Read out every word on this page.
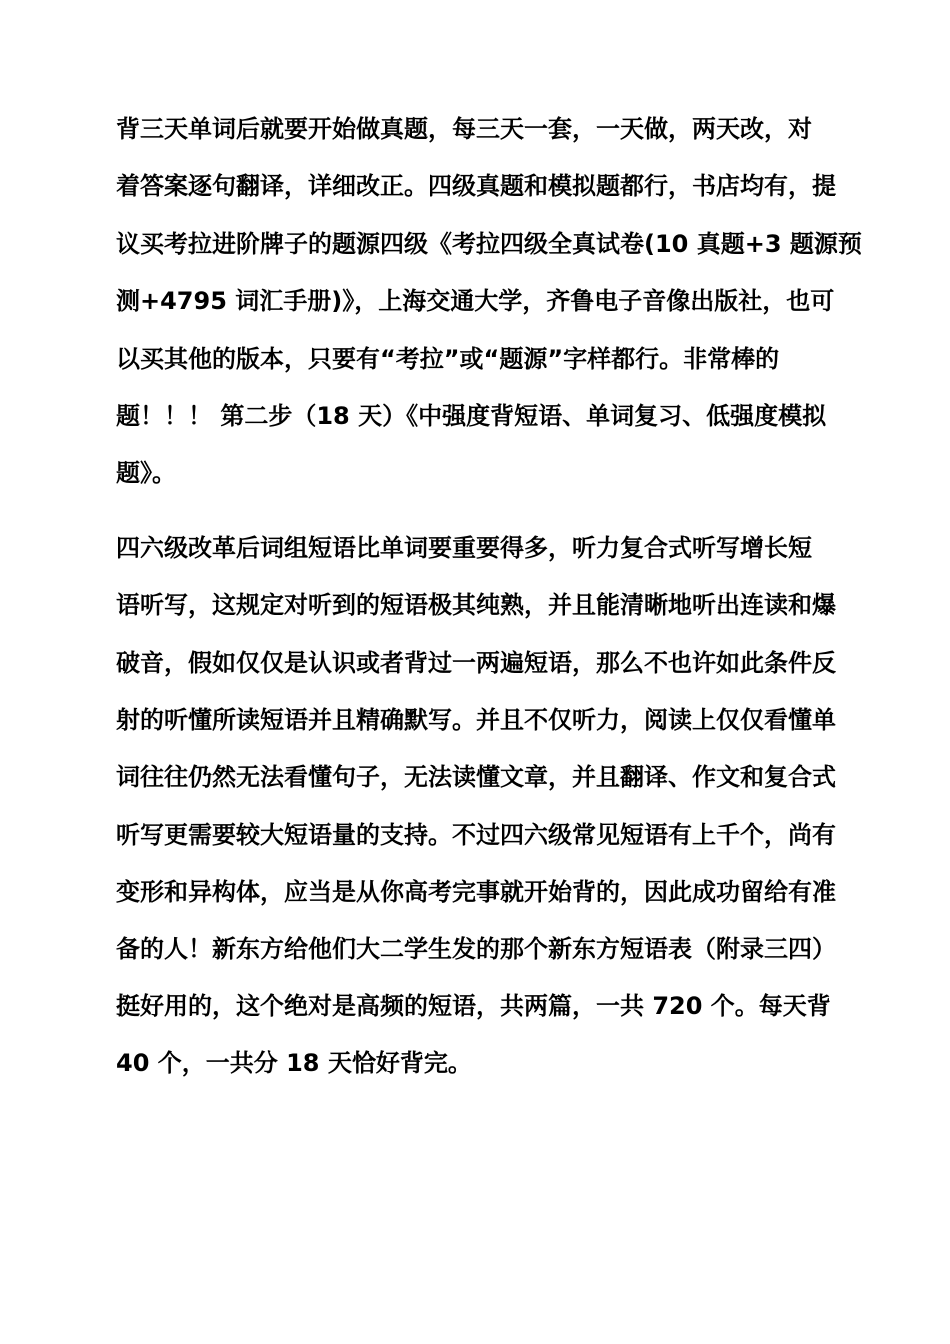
背三天单词后就要开始做真题，每三天一套，一天做，两天改，对
着答案逐句翻译，详细改正。四级真题和模拟题都行，书店均有，提
议买考拉进阶牌子的题源四级《考拉四级全真试卷(10 真题+3 题源预
测+4795 词汇手册)》，上海交通大学，齐鲁电子音像出版社，也可
以买其他的版本，只要有“考拉”或“题源”字样都行。非常棒的
题！！！ 第二步（18 天）《中强度背短语、单词复习、低强度模拟
题》。
四六级改革后词组短语比单词要重要得多，听力复合式听写增长短
语听写，这规定对听到的短语极其纯熟，并且能清晰地听出连读和爆
破音，假如仅仅是认识或者背过一两遍短语，那么不也许如此条件反
射的听懂所读短语并且精确默写。并且不仅听力，阅读上仅仅看懂单
词往往仍然无法看懂句子，无法读懂文章，并且翻译、作文和复合式
听写更需要较大短语量的支持。不过四六级常见短语有上千个，尚有
变形和异构体，应当是从你高考完事就开始背的，因此成功留给有准
备的人！新东方给他们大二学生发的那个新东方短语表（附录三四）
挺好用的，这个绝对是高频的短语，共两篇，一共 720 个。每天背
40 个，一共分 18 天恰好背完。
